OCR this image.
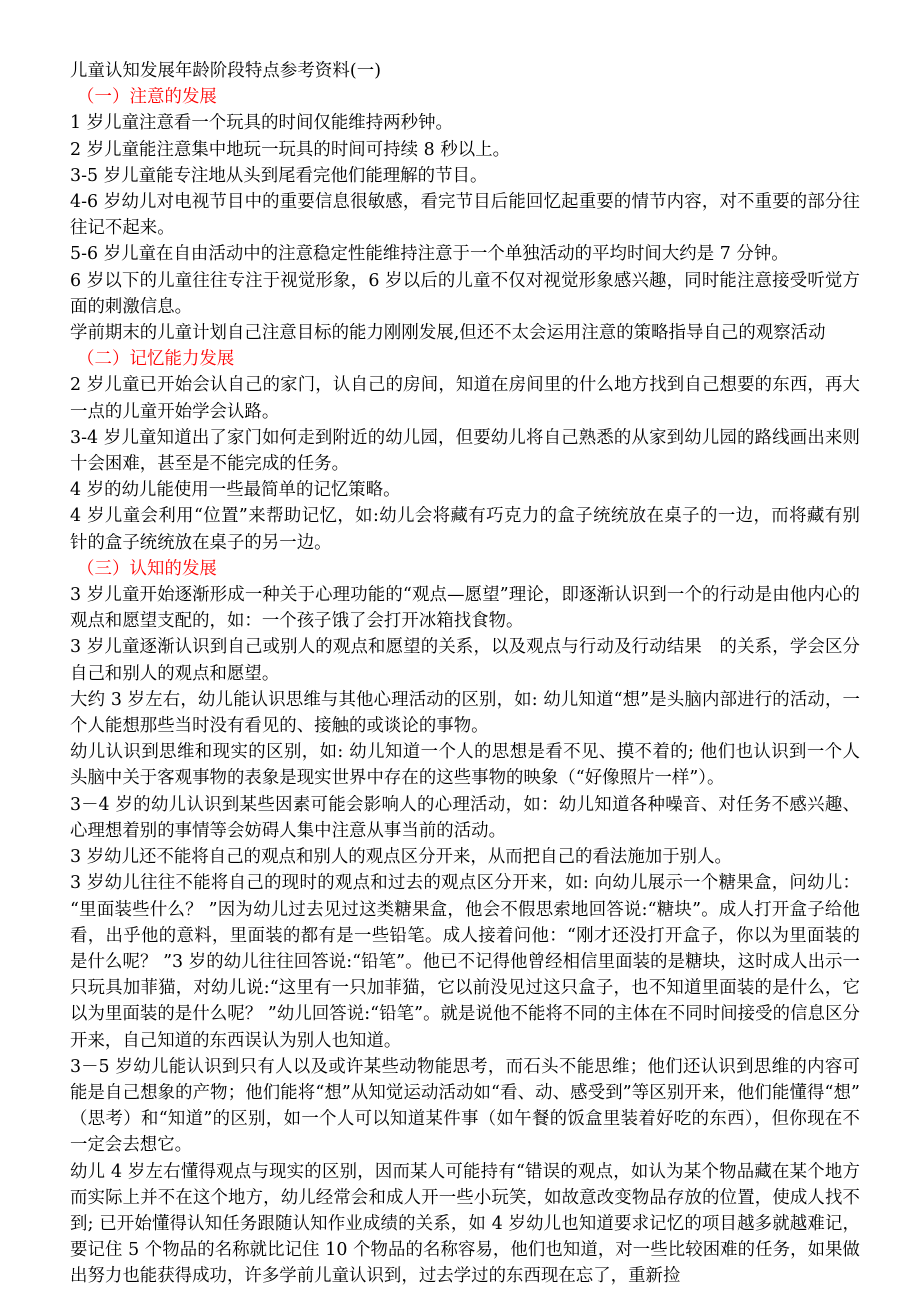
儿童认知发展年龄阶段特点参考资料(一)
（一）注意的发展

1 岁儿童注意看一个玩具的时间仅能维持两秒钟。

2 岁儿童能注意集中地玩一玩具的时间可持续 8 秒以上。

3-5 岁儿童能专注地从头到尾看完他们能理解的节目。

4-6 岁幼儿对电视节目中的重要信息很敏感，看完节目后能回忆起重要的情节内容，对不重要的部分往往记不起来。

5-6 岁儿童在自由活动中的注意稳定性能维持注意于一个单独活动的平均时间大约是 7 分钟。

6 岁以下的儿童往往专注于视觉形象，6 岁以后的儿童不仅对视觉形象感兴趣，同时能注意接受听觉方面的刺激信息。

学前期末的儿童计划自己注意目标的能力刚刚发展,但还不太会运用注意的策略指导自己的观察活动

（二）记忆能力发展

2 岁儿童已开始会认自己的家门，认自己的房间，知道在房间里的什么地方找到自己想要的东西，再大一点的儿童开始学会认路。

3-4 岁儿童知道出了家门如何走到附近的幼儿园，但要幼儿将自己熟悉的从家到幼儿园的路线画出来则十会困难，甚至是不能完成的任务。

4 岁的幼儿能使用一些最简单的记忆策略。

4 岁儿童会利用“位置”来帮助记忆，如:幼儿会将藏有巧克力的盒子统统放在桌子的一边，而将藏有别针的盒子统统放在桌子的另一边。

（三）认知的发展

3 岁儿童开始逐渐形成一种关于心理功能的“观点—愿望”理论，即逐渐认识到一个的行动是由他内心的观点和愿望支配的，如：一个孩子饿了会打开冰箱找食物。

3 岁儿童逐渐认识到自己或别人的观点和愿望的关系，以及观点与行动及行动结果　的关系，学会区分自己和别人的观点和愿望。

大约 3 岁左右，幼儿能认识思维与其他心理活动的区别，如: 幼儿知道“想”是头脑内部进行的活动，一个人能想那些当时没有看见的、接触的或谈论的事物。

幼儿认识到思维和现实的区别，如: 幼儿知道一个人的思想是看不见、摸不着的; 他们也认识到一个人头脑中关于客观事物的表象是现实世界中存在的这些事物的映象（“好像照片一样”）。

3－4 岁的幼儿认识到某些因素可能会影响人的心理活动，如：幼儿知道各种噪音、对任务不感兴趣、心理想着别的事情等会妨碍人集中注意从事当前的活动。

3 岁幼儿还不能将自己的观点和别人的观点区分开来，从而把自己的看法施加于别人。

3 岁幼儿往往不能将自己的现时的观点和过去的观点区分开来，如: 向幼儿展示一个糖果盒，问幼儿：“里面装些什么？ ”因为幼儿过去见过这类糖果盒，他会不假思索地回答说:“糖块”。成人打开盒子给他看，出乎他的意料，里面装的都有是一些铅笔。成人接着问他：“刚才还没打开盒子，你以为里面装的是什么呢？ ”3 岁的幼儿往往回答说:“铅笔”。他已不记得他曾经相信里面装的是糖块，这时成人出示一只玩具加菲猫，对幼儿说:“这里有一只加菲猫，它以前没见过这只盒子，也不知道里面装的是什么，它以为里面装的是什么呢？ ”幼儿回答说:“铅笔”。就是说他不能将不同的主体在不同时间接受的信息区分开来，自己知道的东西误认为别人也知道。

3－5 岁幼儿能认识到只有人以及或许某些动物能思考，而石头不能思维；他们还认识到思维的内容可能是自己想象的产物；他们能将“想”从知觉运动活动如“看、动、感受到”等区别开来，他们能懂得“想”（思考）和“知道”的区别，如一个人可以知道某件事（如午餐的饭盒里装着好吃的东西），但你现在不一定会去想它。

幼儿 4 岁左右懂得观点与现实的区别，因而某人可能持有“错误的观点，如认为某个物品藏在某个地方而实际上并不在这个地方，幼儿经常会和成人开一些小玩笑，如故意改变物品存放的位置，使成人找不到; 已开始懂得认知任务跟随认知作业成绩的关系，如 4 岁幼儿也知道要求记忆的项目越多就越难记，要记住 5 个物品的名称就比记住 10 个物品的名称容易，他们也知道，对一些比较困难的任务，如果做出努力也能获得成功，许多学前儿童认识到，过去学过的东西现在忘了，重新捡
